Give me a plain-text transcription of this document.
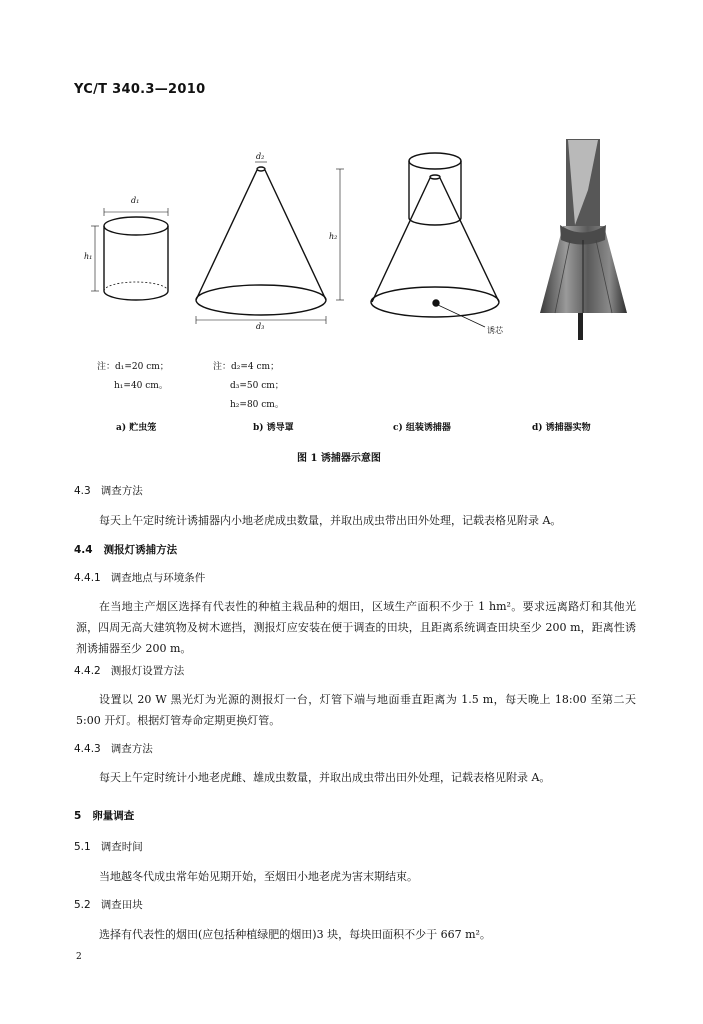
YC/T 340.3—2010
d₁
h₁
d₂
h₂
d₃	诱芯
注：d₁=20 cm；
h₁=40 cm。
注：d₂=4 cm；
d₃=50 cm；
h₂=80 cm。
a) 贮虫笼	b) 诱导罩	c) 组装诱捕器	d) 诱捕器实物
图 1 诱捕器示意图
4.3 调查方法
每天上午定时统计诱捕器内小地老虎成虫数量，并取出成虫带出田外处理，记载表格见附录 A。
4.4 测报灯诱捕方法
4.4.1 调查地点与环境条件
在当地主产烟区选择有代表性的种植主栽品种的烟田，区域生产面积不少于 1 hm²。要求远离路灯和其他光源，四周无高大建筑物及树木遮挡，测报灯应安装在便于调查的田块，且距离系统调查田块至少 200 m，距离性诱剂诱捕器至少 200 m。
4.4.2 测报灯设置方法
设置以 20 W 黑光灯为光源的测报灯一台，灯管下端与地面垂直距离为 1.5 m，每天晚上 18:00 至第二天 5:00 开灯。根据灯管寿命定期更换灯管。
4.4.3 调查方法
每天上午定时统计小地老虎雌、雄成虫数量，并取出成虫带出田外处理，记载表格见附录 A。
5 卵量调查
5.1 调查时间
当地越冬代成虫常年始见期开始，至烟田小地老虎为害末期结束。
5.2 调查田块
选择有代表性的烟田(应包括种植绿肥的烟田)3 块，每块田面积不少于 667 m²。
2
